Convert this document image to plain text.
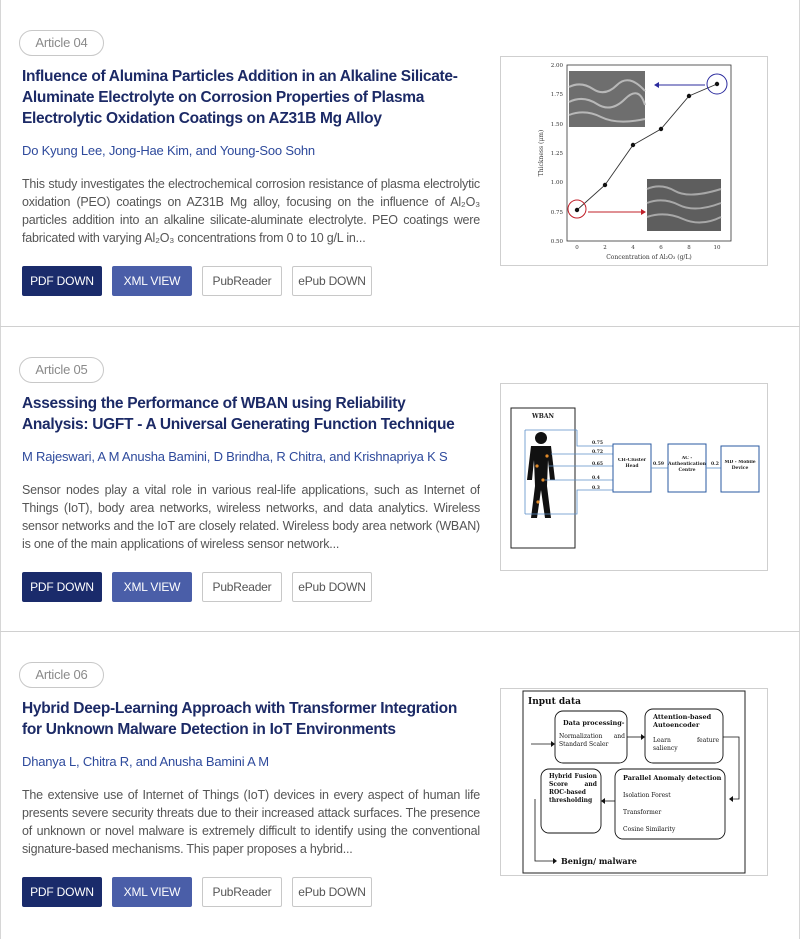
Article 04
Influence of Alumina Particles Addition in an Alkaline Silicate-Aluminate Electrolyte on Corrosion Properties of Plasma Electrolytic Oxidation Coatings on AZ31B Mg Alloy
Do Kyung Lee, Jong-Hae Kim, and Young-Soo Sohn
This study investigates the electrochemical corrosion resistance of plasma electrolytic oxidation (PEO) coatings on AZ31B Mg alloy, focusing on the influence of Al₂O₃ particles addition into an alkaline silicate-aluminate electrolyte. PEO coatings were fabricated with varying Al₂O₃ concentrations from 0 to 10 g/L in...
PDF DOWN	XML VIEW	PubReader	ePub DOWN
2.00
1.75
1.50
1.25
1.00
0.75
0.50
0	2	4	6	8	10
Concentration of Al₂O₃ (g/L)
Thickness (μm)
Article 05
Assessing the Performance of WBAN using Reliability Analysis: UGFT - A Universal Generating Function Technique
M Rajeswari, A M Anusha Bamini, D Brindha, R Chitra, and Krishnapriya K S
Sensor nodes play a vital role in various real-life applications, such as Internet of Things (IoT), body area networks, wireless networks, and data analytics. Wireless sensor networks and the IoT are closely related. Wireless body area network (WBAN) is one of the main applications of wireless sensor network...
PDF DOWN	XML VIEW	PubReader	ePub DOWN
WBAN
0.75
0.72
0.65
0.4
0.3
CH-Cluster Head	0.59
AC - Authentication Centre
0.2	MD - Mobile Device
Article 06
Hybrid Deep-Learning Approach with Transformer Integration for Unknown Malware Detection in IoT Environments
Dhanya L, Chitra R, and Anusha Bamini A M
The extensive use of Internet of Things (IoT) devices in every aspect of human life presents severe security threats due to their increased attack surfaces. The presence of unknown or novel malware is extremely difficult to identify using the conventional signature-based mechanisms. This paper proposes a hybrid...
PDF DOWN	XML VIEW	PubReader	ePub DOWN
Input data
Data processing-
Normalization and Standard Scaler
Attention-based Autoencoder
Learn feature saliency
Parallel Anomaly detection
Isolation Forest
Transformer
Cosine Similarity
Hybrid Fusion Score and ROC-based thresholding
Benign/ malware
